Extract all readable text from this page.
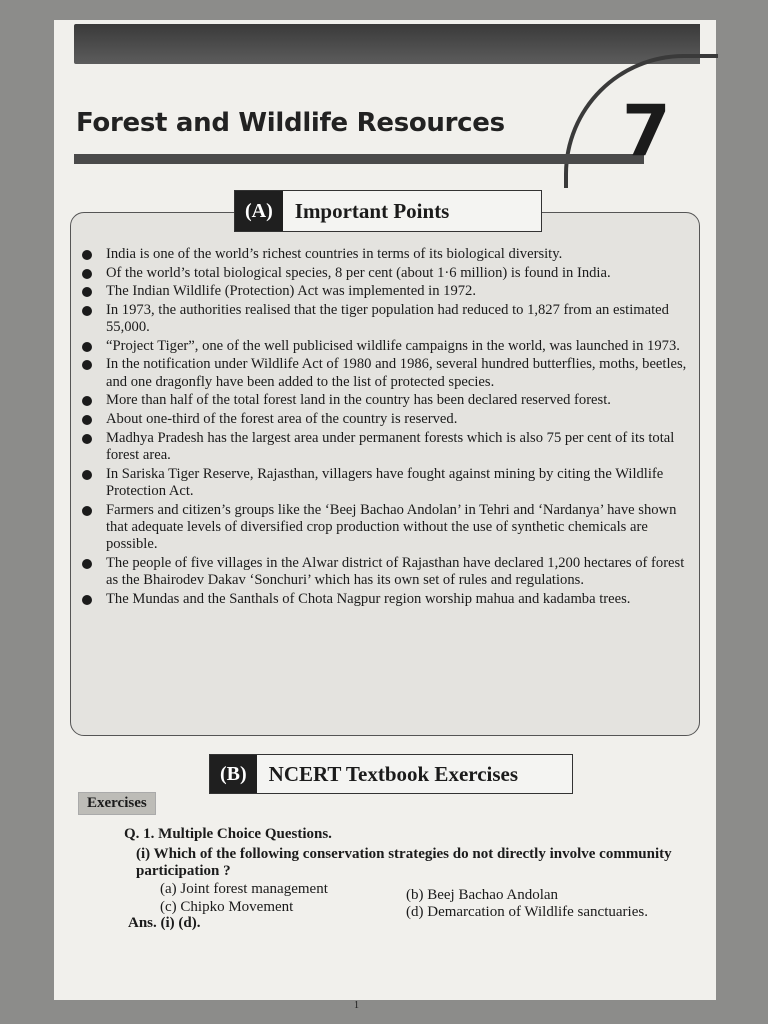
Forest and Wildlife Resources 7
(A)	Important Points
India is one of the world’s richest countries in terms of its biological diversity.
Of the world’s total biological species, 8 per cent (about 1·6 million) is found in India.
The Indian Wildlife (Protection) Act was implemented in 1972.
In 1973, the authorities realised that the tiger population had reduced to 1,827 from an estimated 55,000.
“Project Tiger”, one of the well publicised wildlife campaigns in the world, was launched in 1973.
In the notification under Wildlife Act of 1980 and 1986, several hundred butterflies, moths, beetles, and one dragonfly have been added to the list of protected species.
More than half of the total forest land in the country has been declared reserved forest.
About one-third of the forest area of the country is reserved.
Madhya Pradesh has the largest area under permanent forests which is also 75 per cent of its total forest area.
In Sariska Tiger Reserve, Rajasthan, villagers have fought against mining by citing the Wildlife Protection Act.
Farmers and citizen’s groups like the ‘Beej Bachao Andolan’ in Tehri and ‘Nardanya’ have shown that adequate levels of diversified crop production without the use of synthetic chemicals are possible.
The people of five villages in the Alwar district of Rajasthan have declared 1,200 hectares of forest as the Bhairodev Dakav ‘Sonchuri’ which has its own set of rules and regulations.
The Mundas and the Santhals of Chota Nagpur region worship mahua and kadamba trees.
(B)	NCERT Textbook Exercises
Exercises
Q. 1. Multiple Choice Questions.
(i) Which of the following conservation strategies do not directly involve community participation ?
(a) Joint forest management	(b) Beej Bachao Andolan
(c) Chipko Movement	(d) Demarcation of Wildlife sanctuaries.
Ans. (i) (d).
1
